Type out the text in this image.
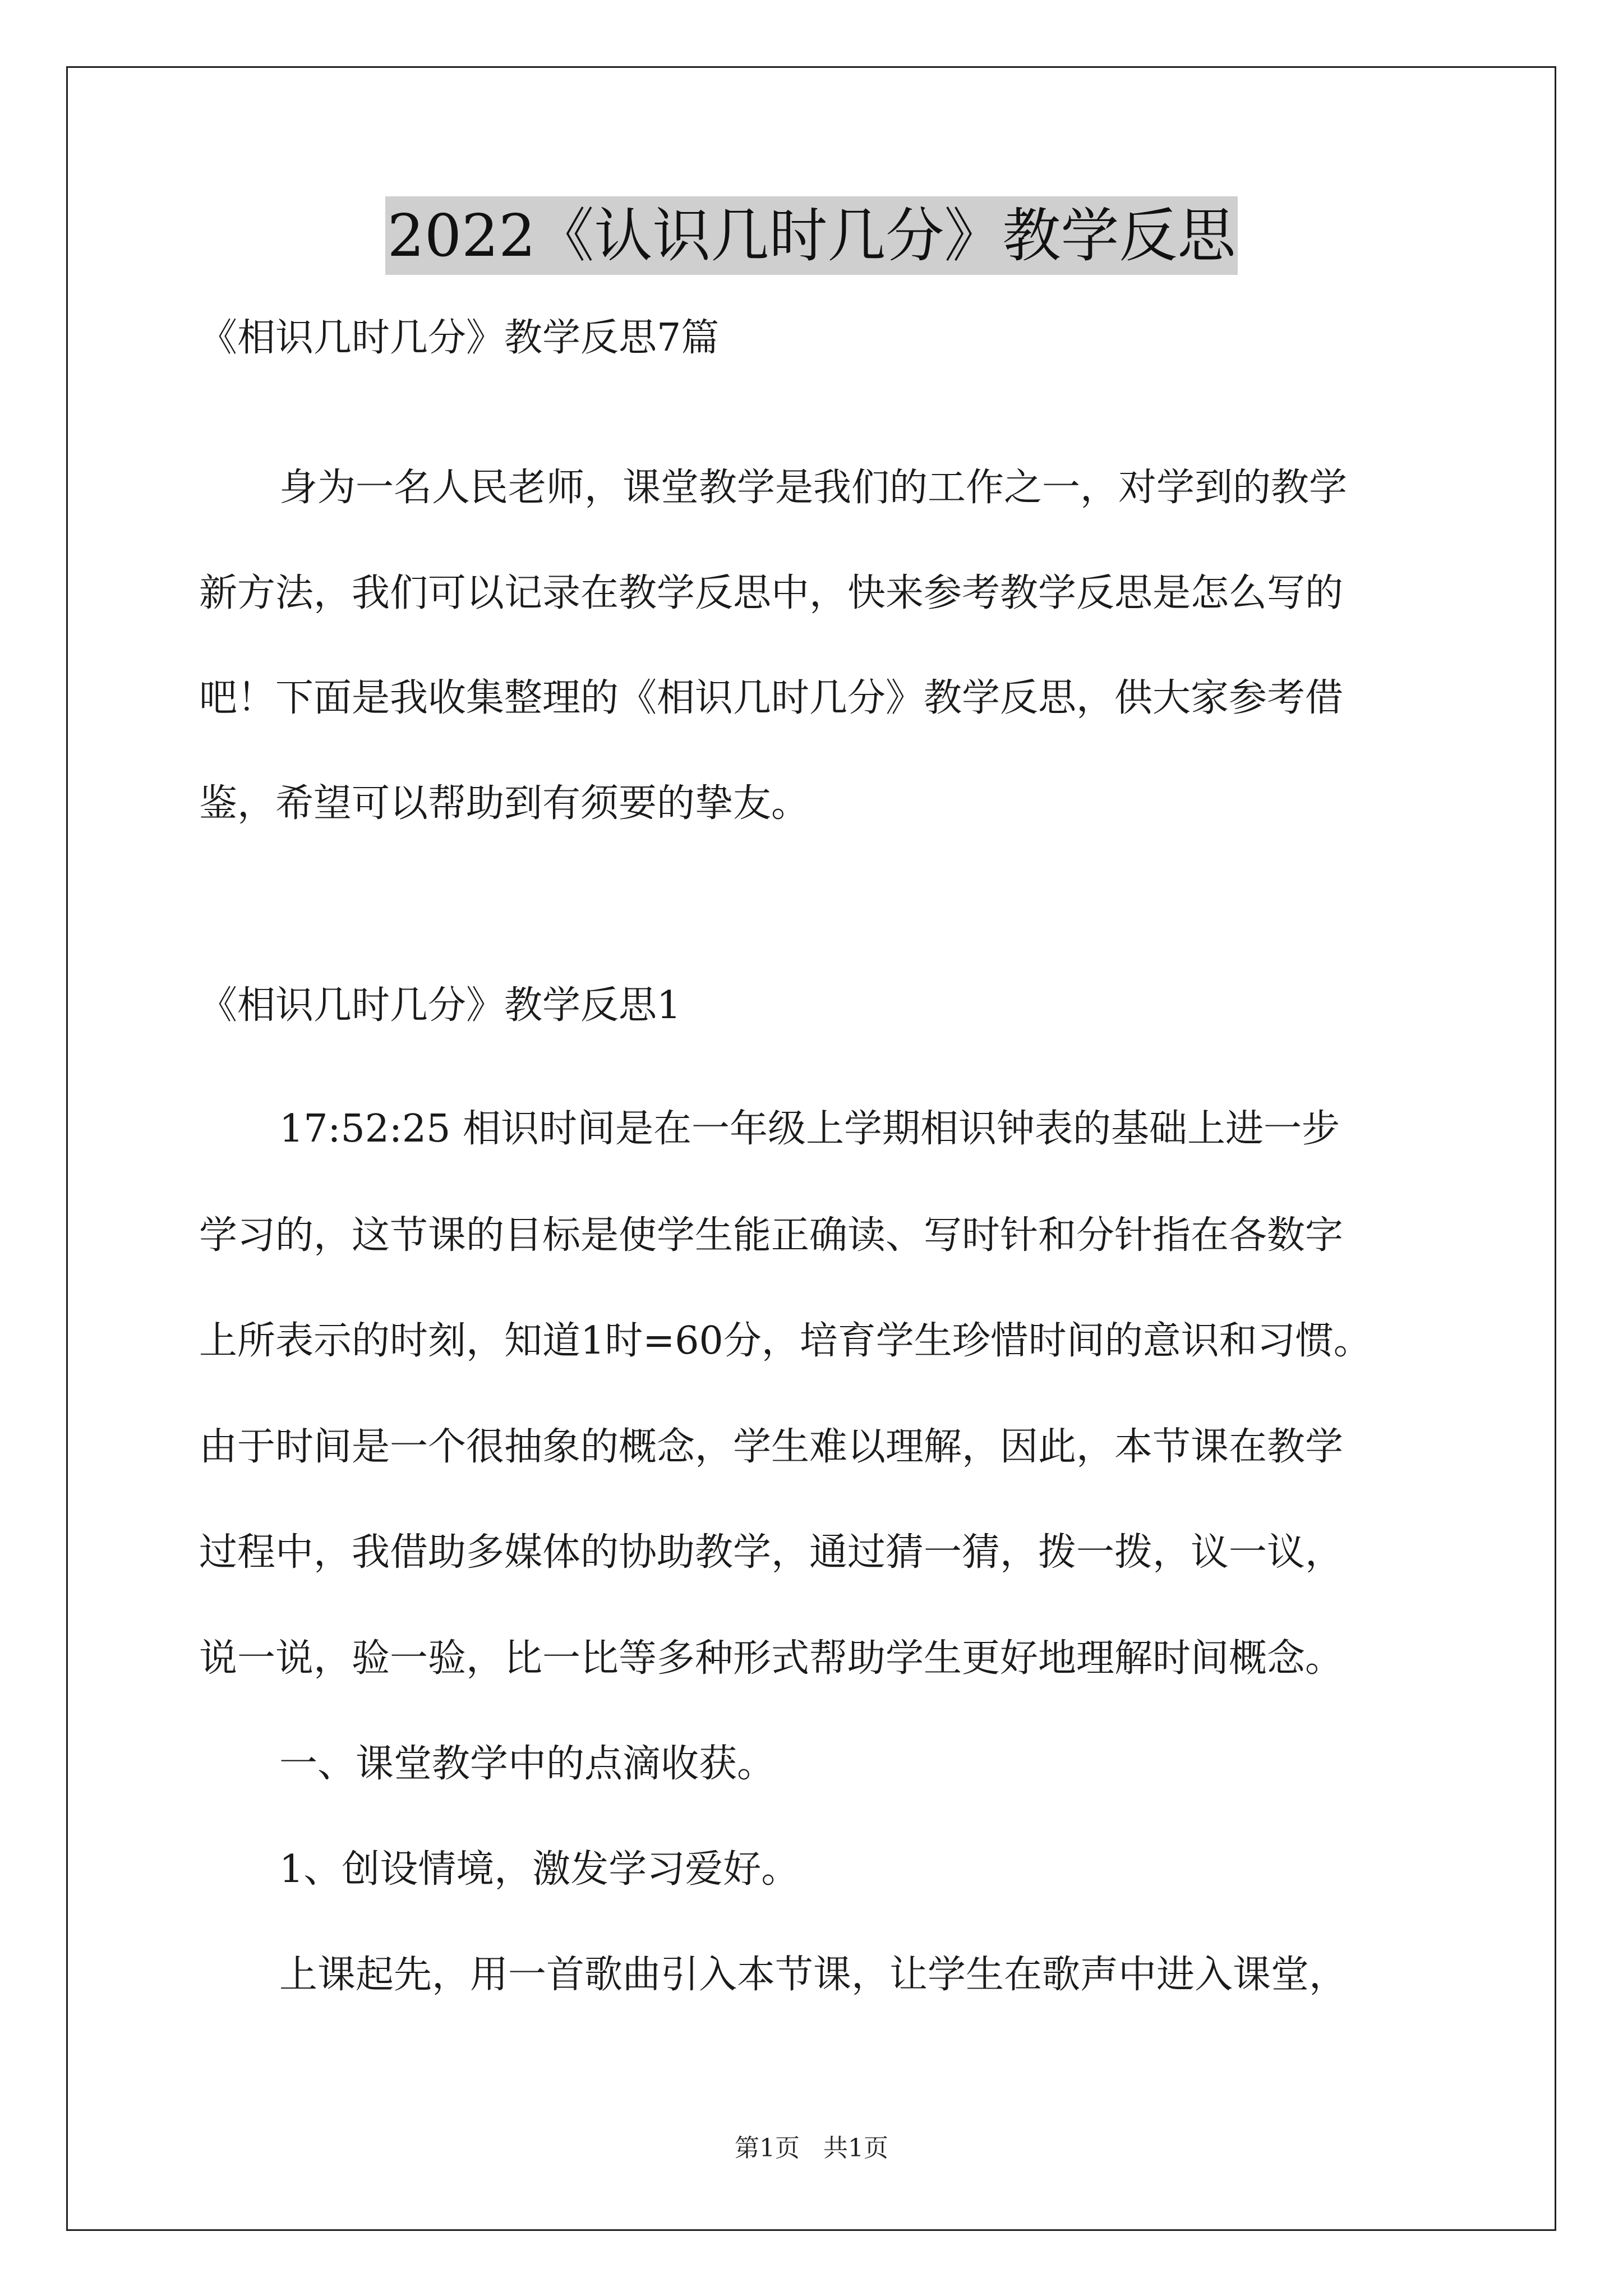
2022《认识几时几分》教学反思
《相识几时几分》教学反思7篇
身为一名人民老师，课堂教学是我们的工作之一，对学到的教学
新方法，我们可以记录在教学反思中，快来参考教学反思是怎么写的
吧！下面是我收集整理的《相识几时几分》教学反思，供大家参考借
鉴，希望可以帮助到有须要的挚友。
《相识几时几分》教学反思1
17:52:25 相识时间是在一年级上学期相识钟表的基础上进一步
学习的，这节课的目标是使学生能正确读、写时针和分针指在各数字
上所表示的时刻，知道1时=60分，培育学生珍惜时间的意识和习惯。
由于时间是一个很抽象的概念，学生难以理解，因此，本节课在教学
过程中，我借助多媒体的协助教学，通过猜一猜，拨一拨，议一议，
说一说，验一验，比一比等多种形式帮助学生更好地理解时间概念。
一、课堂教学中的点滴收获。
1、创设情境，激发学习爱好。
上课起先，用一首歌曲引入本节课，让学生在歌声中进入课堂，
第1页   共1页
